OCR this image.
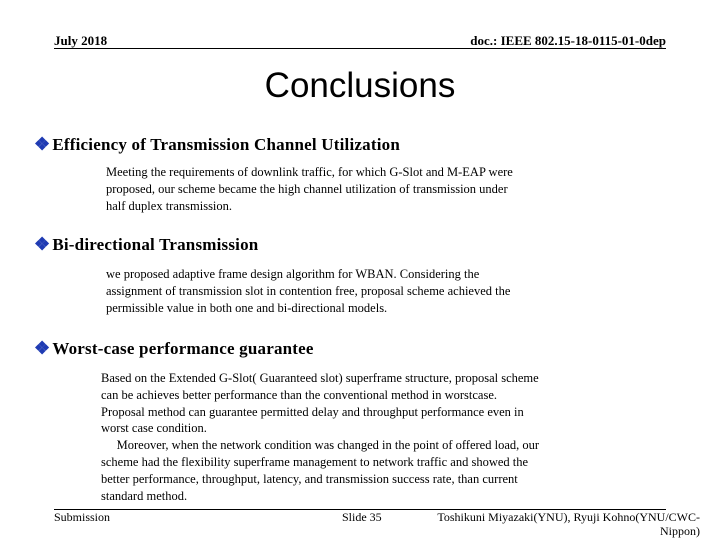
July 2018	doc.: IEEE 802.15-18-0115-01-0dep
Conclusions
❖ Efficiency of Transmission Channel Utilization
Meeting the requirements of downlink traffic, for which G-Slot and M-EAP were
proposed, our scheme became the high channel utilization of transmission under
half duplex transmission.
❖ Bi-directional Transmission
we proposed adaptive frame design algorithm for WBAN. Considering the
assignment of transmission slot in contention free, proposal scheme achieved the
permissible value in both one and bi-directional models.
❖ Worst-case performance guarantee
Based on the Extended G-Slot( Guaranteed slot) superframe structure, proposal scheme
can be achieves better performance than the conventional method in worstcase.
Proposal method can guarantee permitted delay and throughput performance even in
worst case condition.
Moreover, when the network condition was changed in the point of offered load, our
scheme had the flexibility superframe management to network traffic and showed the
better performance, throughput, latency, and transmission success rate, than current
standard method.
Submission	Slide 35	Toshikuni Miyazaki(YNU), Ryuji Kohno(YNU/CWC-
Nippon)
